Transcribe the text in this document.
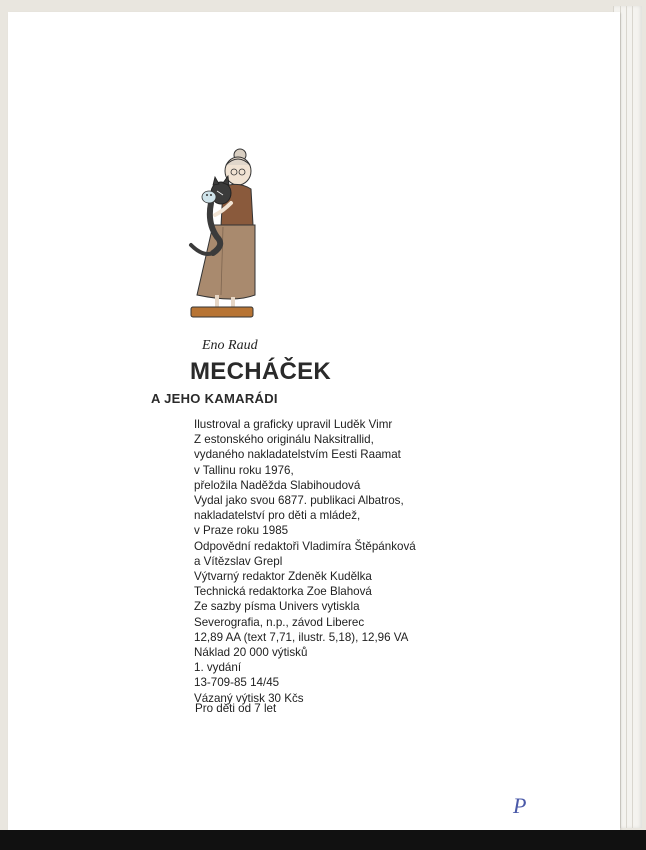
Eno Raud
MECHÁČEK
A JEHO KAMARÁDI
Ilustroval a graficky upravil Luděk Vimr
Z estonského originálu Naksitrallid,
vydaného nakladatelstvím Eesti Raamat
v Tallinu roku 1976,
přeložila Naděžda Slabihoudová
Vydal jako svou 6877. publikaci Albatros,
nakladatelství pro děti a mládež,
v Praze roku 1985
Odpovědní redaktoři Vladimíra Štěpánková
a Vítězslav Grepl
Výtvarný redaktor Zdeněk Kudělka
Technická redaktorka Zoe Blahová
Ze sazby písma Univers vytiskla
Severografia, n.p., závod Liberec
12,89 AA (text 7,71, ilustr. 5,18), 12,96 VA
Náklad 20 000 výtisků
1. vydání
13-709-85 14/45
Vázaný výtisk 30 Kčs
Pro děti od 7 let
P
